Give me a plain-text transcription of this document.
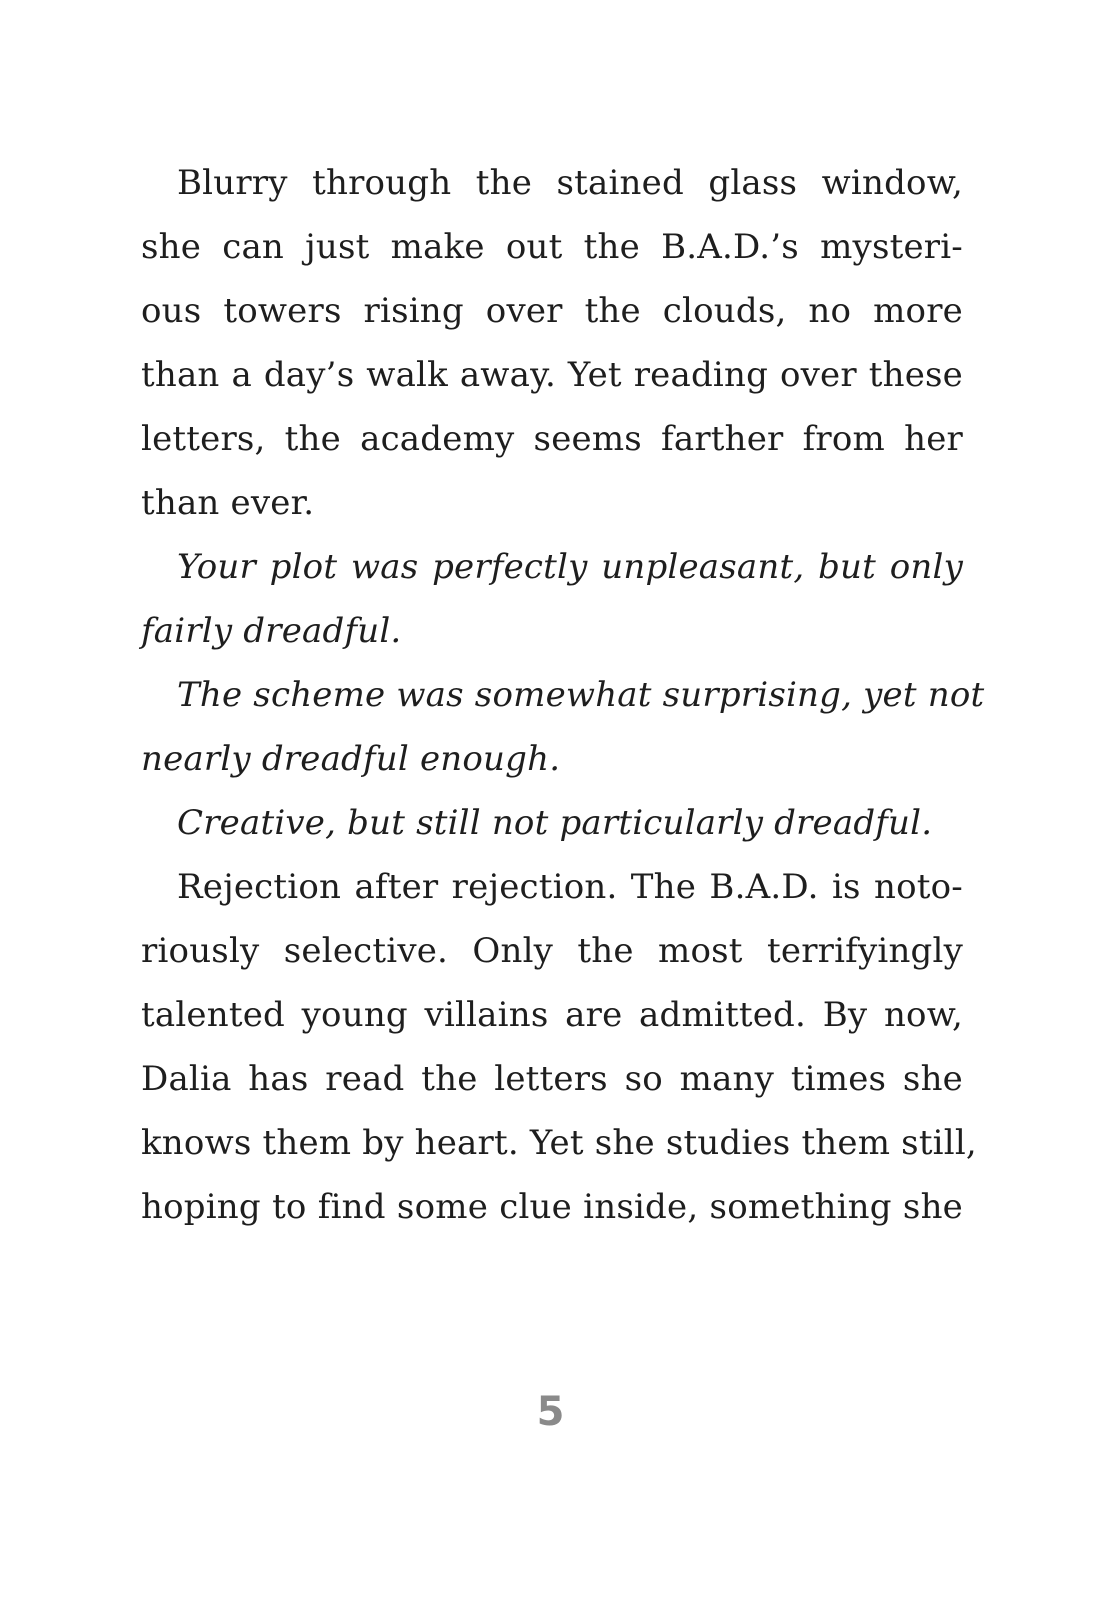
Blurry through the stained glass window,
she can just make out the B.A.D.’s mysteri-
ous towers rising over the clouds, no more
than a day’s walk away. Yet reading over these
letters, the academy seems farther from her
than ever.
Your plot was perfectly unpleasant, but only
fairly dreadful.
The scheme was somewhat surprising, yet not
nearly dreadful enough.
Creative, but still not particularly dreadful.
Rejection after rejection. The B.A.D. is noto-
riously selective. Only the most terrifyingly
talented young villains are admitted. By now,
Dalia has read the letters so many times she
knows them by heart. Yet she studies them still,
hoping to find some clue inside, something she
5
